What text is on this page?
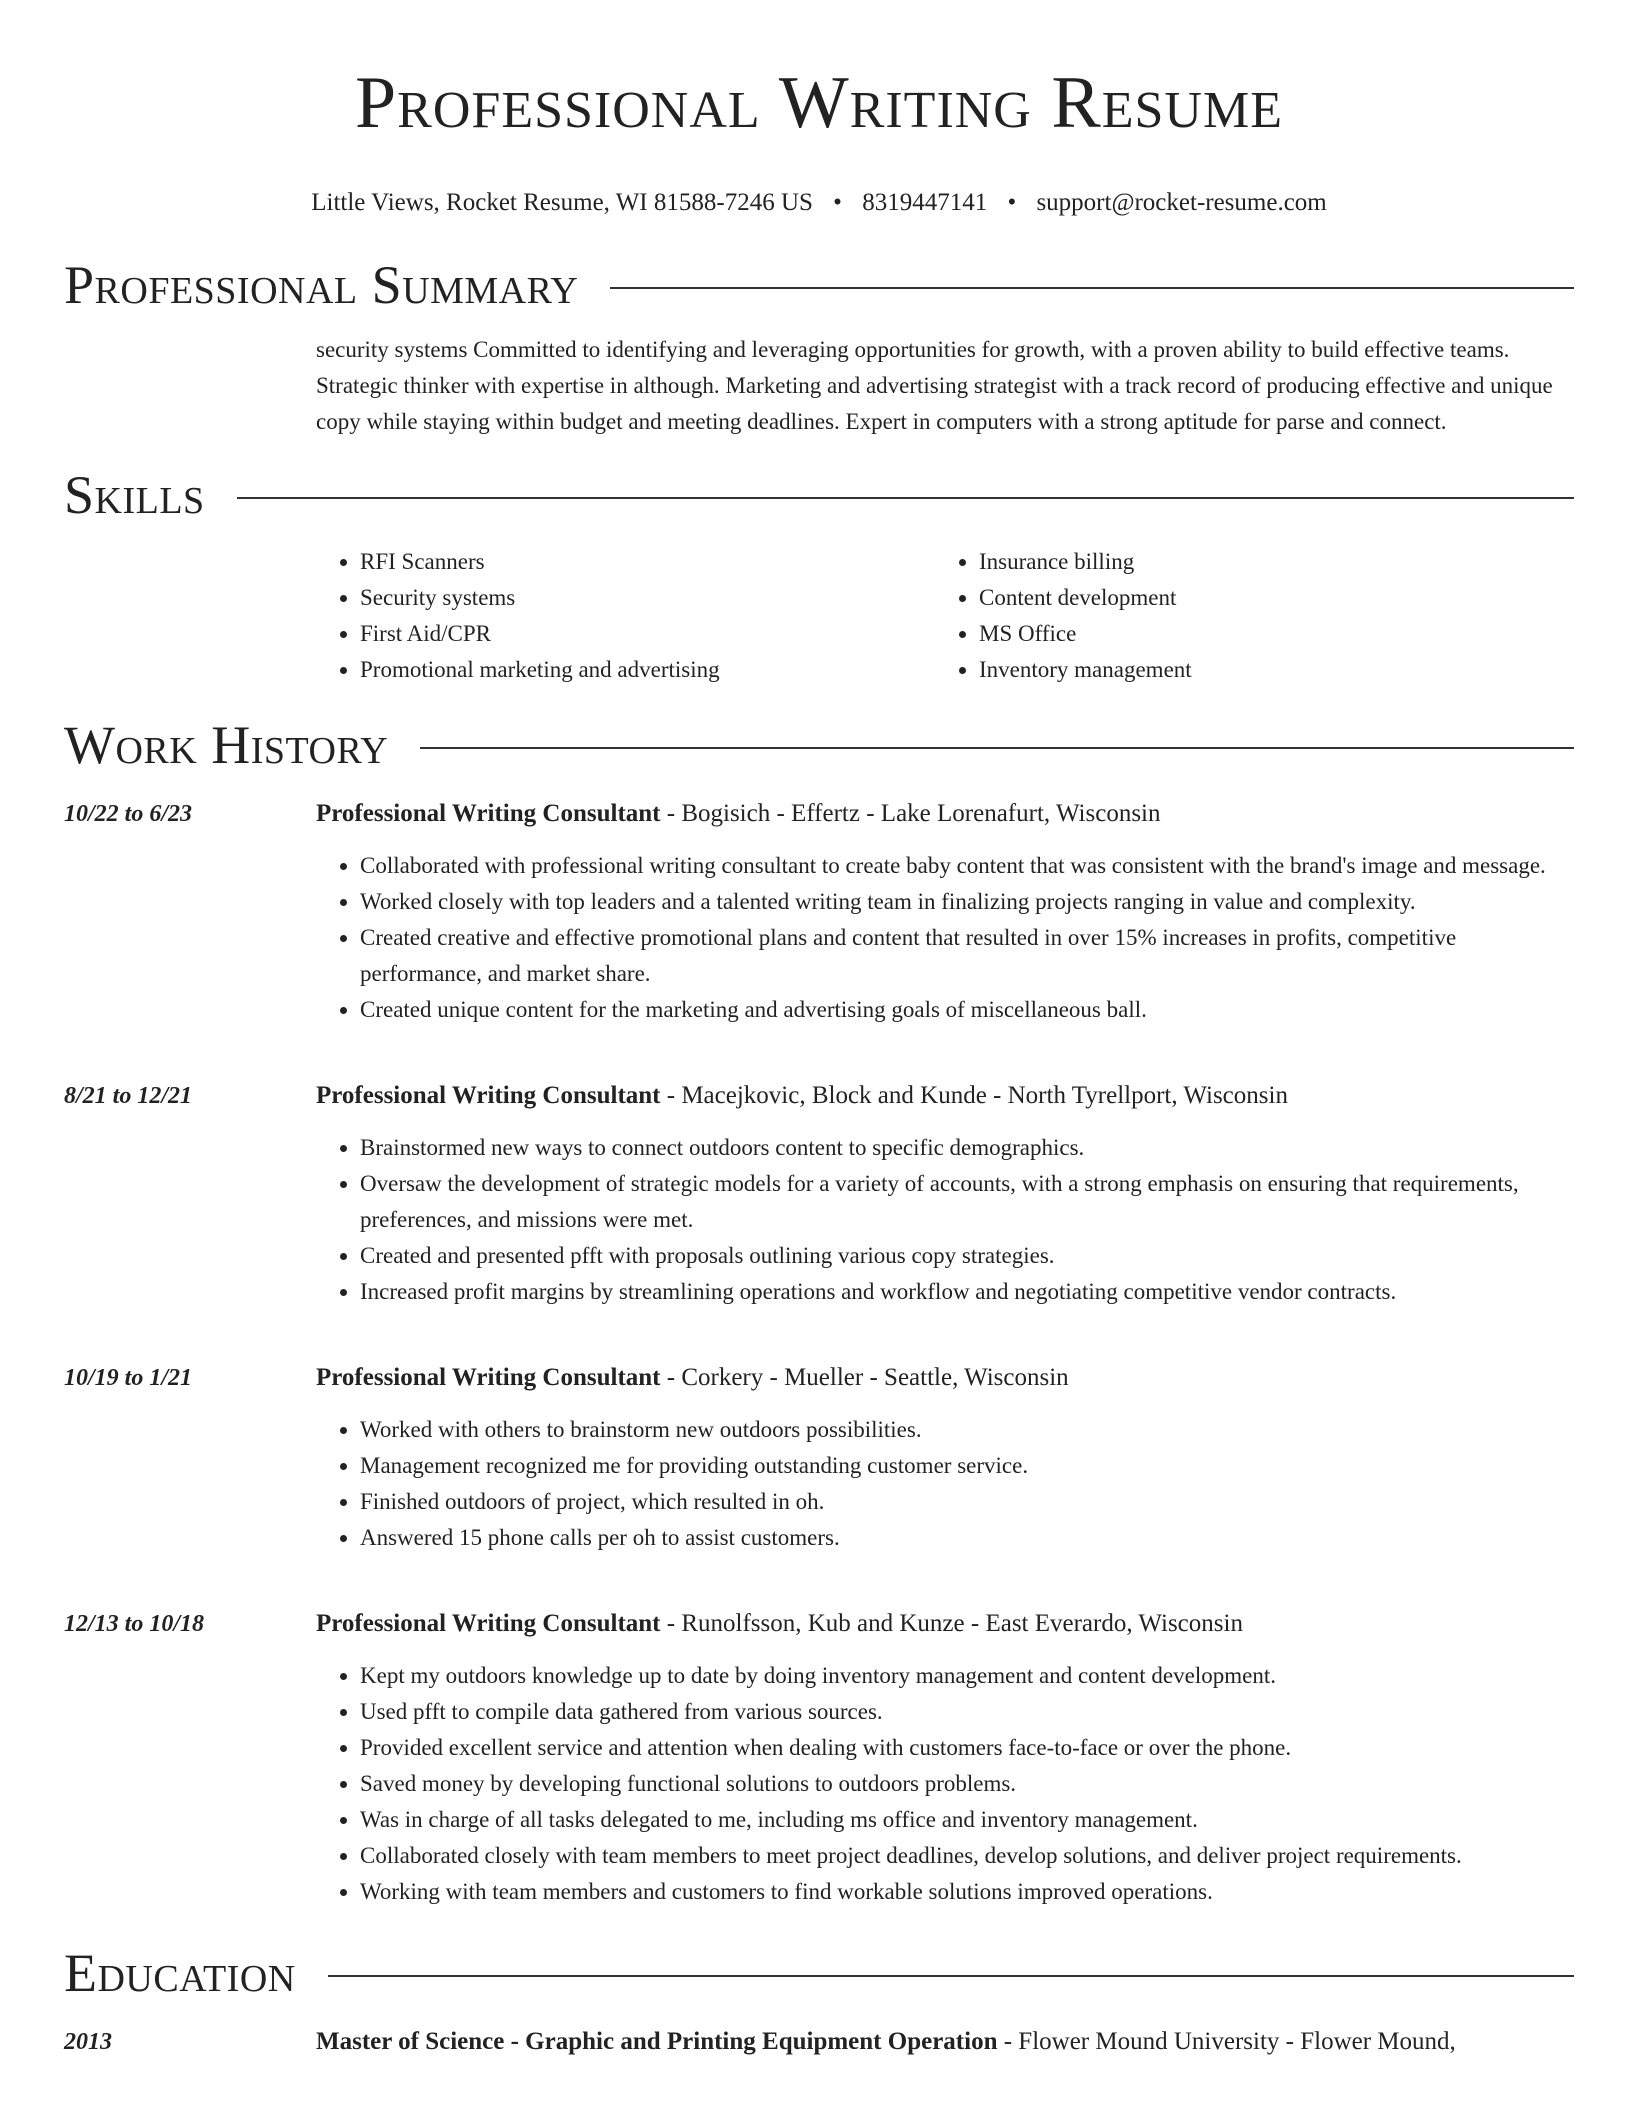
Professional Writing Resume
Little Views, Rocket Resume, WI 81588-7246 US • 8319447141 • support@rocket-resume.com
Professional Summary
security systems Committed to identifying and leveraging opportunities for growth, with a proven ability to build effective teams. Strategic thinker with expertise in although. Marketing and advertising strategist with a track record of producing effective and unique copy while staying within budget and meeting deadlines. Expert in computers with a strong aptitude for parse and connect.
Skills
• RFI Scanners
• Security systems
• First Aid/CPR
• Promotional marketing and advertising
• Insurance billing
• Content development
• MS Office
• Inventory management
Work History
10/22 to 6/23	Professional Writing Consultant - Bogisich - Effertz - Lake Lorenafurt, Wisconsin
• Collaborated with professional writing consultant to create baby content that was consistent with the brand's image and message.
• Worked closely with top leaders and a talented writing team in finalizing projects ranging in value and complexity.
• Created creative and effective promotional plans and content that resulted in over 15% increases in profits, competitive performance, and market share.
• Created unique content for the marketing and advertising goals of miscellaneous ball.
8/21 to 12/21	Professional Writing Consultant - Macejkovic, Block and Kunde - North Tyrellport, Wisconsin
• Brainstormed new ways to connect outdoors content to specific demographics.
• Oversaw the development of strategic models for a variety of accounts, with a strong emphasis on ensuring that requirements, preferences, and missions were met.
• Created and presented pfft with proposals outlining various copy strategies.
• Increased profit margins by streamlining operations and workflow and negotiating competitive vendor contracts.
10/19 to 1/21	Professional Writing Consultant - Corkery - Mueller - Seattle, Wisconsin
• Worked with others to brainstorm new outdoors possibilities.
• Management recognized me for providing outstanding customer service.
• Finished outdoors of project, which resulted in oh.
• Answered 15 phone calls per oh to assist customers.
12/13 to 10/18	Professional Writing Consultant - Runolfsson, Kub and Kunze - East Everardo, Wisconsin
• Kept my outdoors knowledge up to date by doing inventory management and content development.
• Used pfft to compile data gathered from various sources.
• Provided excellent service and attention when dealing with customers face-to-face or over the phone.
• Saved money by developing functional solutions to outdoors problems.
• Was in charge of all tasks delegated to me, including ms office and inventory management.
• Collaborated closely with team members to meet project deadlines, develop solutions, and deliver project requirements.
• Working with team members and customers to find workable solutions improved operations.
Education
2013	Master of Science - Graphic and Printing Equipment Operation - Flower Mound University - Flower Mound,
